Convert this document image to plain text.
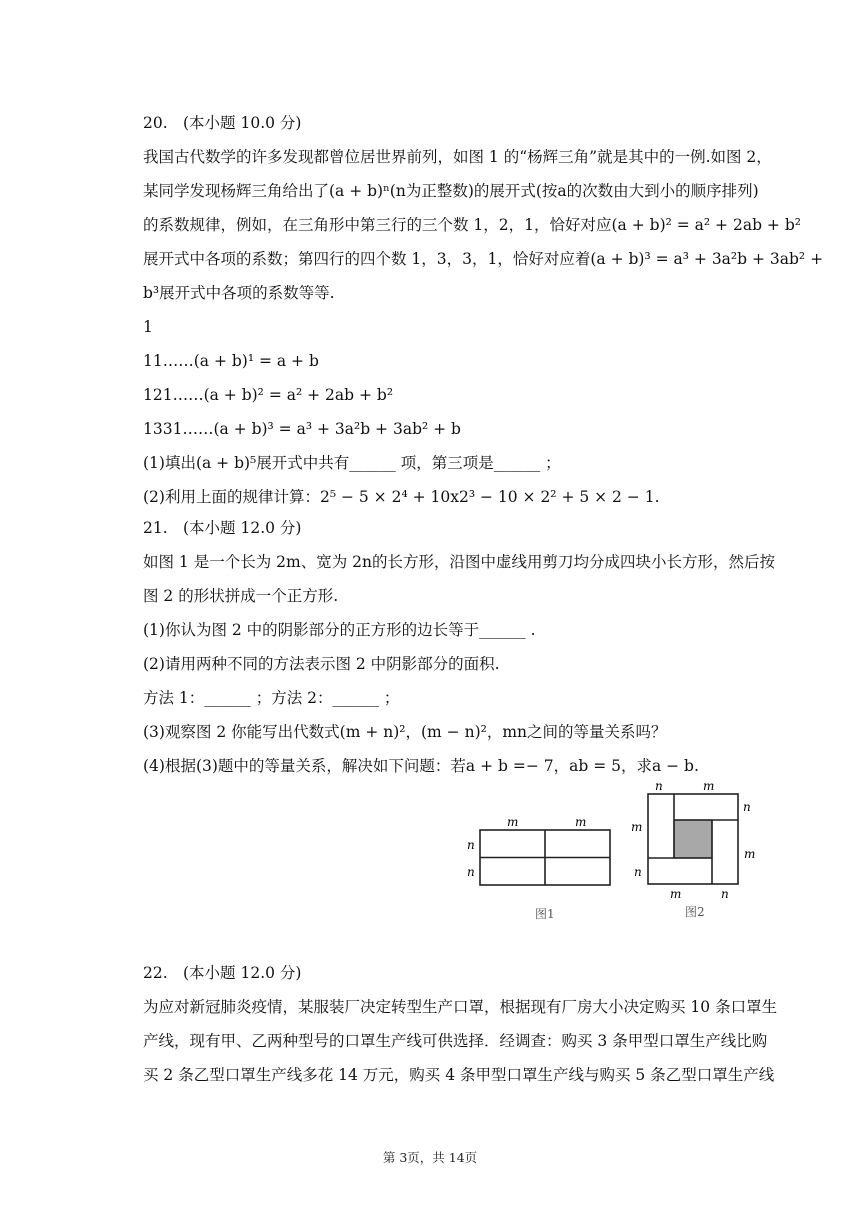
20. (本小题 10.0 分)
我国古代数学的许多发现都曾位居世界前列，如图 1 的“杨辉三角”就是其中的一例.如图 2，
某同学发现杨辉三角给出了(a + b)ⁿ(n为正整数)的展开式(按a的次数由大到小的顺序排列)
的系数规律，例如，在三角形中第三行的三个数 1，2，1，恰好对应(a + b)² = a² + 2ab + b²
展开式中各项的系数；第四行的四个数 1，3，3，1，恰好对应着(a + b)³ = a³ + 3a²b + 3ab² +
b³展开式中各项的系数等等.
1
11……(a + b)¹ = a + b
121……(a + b)² = a² + 2ab + b²
1331……(a + b)³ = a³ + 3a²b + 3ab² + b
(1)填出(a + b)⁵展开式中共有______ 项，第三项是______ ；
(2)利用上面的规律计算：2⁵ − 5 × 2⁴ + 10x2³ − 10 × 2² + 5 × 2 − 1.
21. (本小题 12.0 分)
如图 1 是一个长为 2m、宽为 2n的长方形，沿图中虚线用剪刀均分成四块小长方形，然后按
图 2 的形状拼成一个正方形.
(1)你认为图 2 中的阴影部分的正方形的边长等于______ .
(2)请用两种不同的方法表示图 2 中阴影部分的面积.
方法 1：______ ；方法 2：______ ；
(3)观察图 2 你能写出代数式(m + n)²，(m − n)²，mn之间的等量关系吗？
(4)根据(3)题中的等量关系，解决如下问题：若a + b =− 7，ab = 5，求a − b.
m	m
n
n
图1
n	m
n
m
m
n
m	n
图2
22. (本小题 12.0 分)
为应对新冠肺炎疫情，某服装厂决定转型生产口罩，根据现有厂房大小决定购买 10 条口罩生
产线，现有甲、乙两种型号的口罩生产线可供选择．经调查：购买 3 条甲型口罩生产线比购
买 2 条乙型口罩生产线多花 14 万元，购买 4 条甲型口罩生产线与购买 5 条乙型口罩生产线
第 3页，共 14页
